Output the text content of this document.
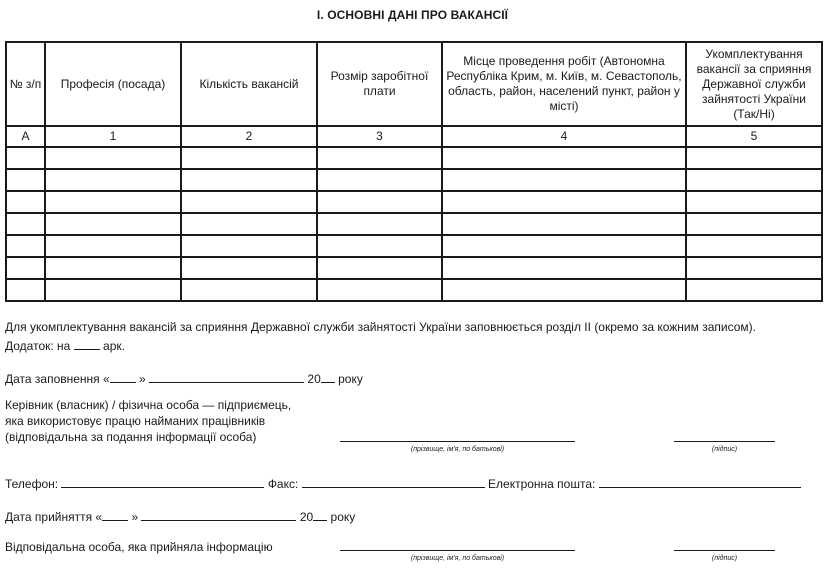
I. ОСНОВНІ ДАНІ ПРО ВАКАНСІЇ
№ з/п	Професія (посада)	Кількість вакансій	Розмір заробітної плати	Місце проведення робіт (Автономна Республіка Крим, м. Київ, м. Севастополь, область, район, населений пункт, район у місті)	Укомплектування вакансії за сприяння Державної служби зайнятості України (Так/Ні)
А	1	2	3	4	5

Для укомплектування вакансій за сприяння Державної служби зайнятості України заповнюється розділ ІІ (окремо за кожним записом).
Додаток: на	арк.
Дата заповнення « »	20 року
Керівник (власник) / фізична особа — підприємець,
яка використовує працю найманих працівників
(відповідальна за подання інформації особа)
(прізвище, ім'я, по батькові)	(підпис)
Телефон:	Факс:	Електронна пошта:
Дата прийняття « »	20 року
Відповідальна особа, яка прийняла інформацію
(прізвище, ім'я, по батькові)	(підпис)
